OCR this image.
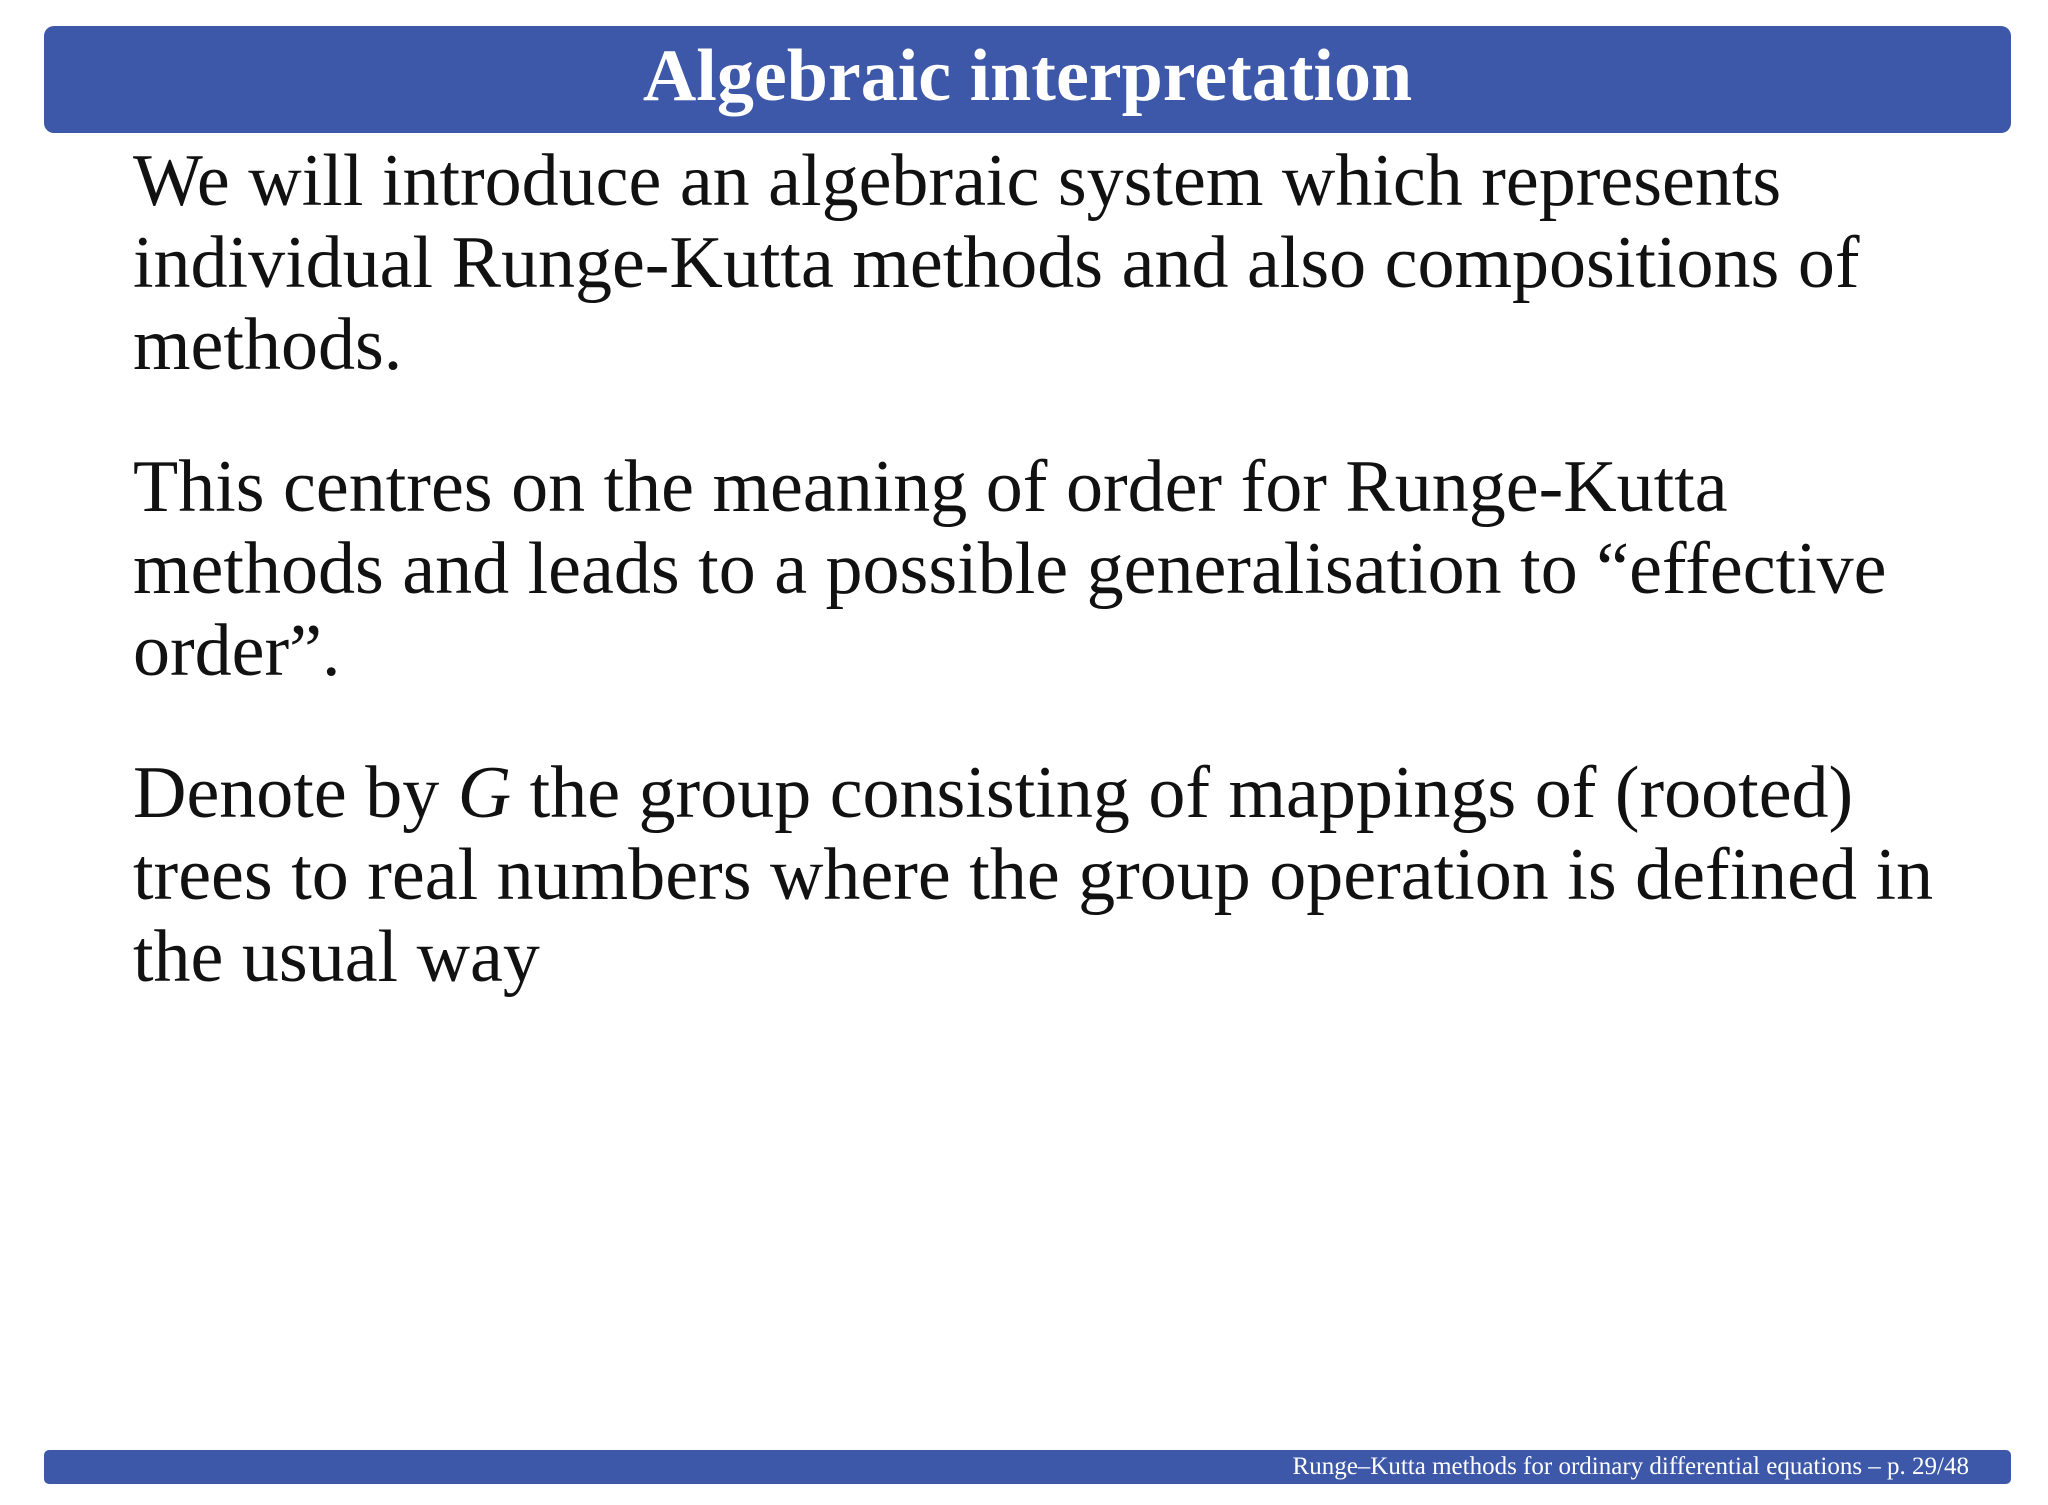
Algebraic interpretation

We will introduce an algebraic system which represents individual Runge-Kutta methods and also compositions of methods.

This centres on the meaning of order for Runge-Kutta methods and leads to a possible generalisation to “effective order”.

Denote by G the group consisting of mappings of (rooted) trees to real numbers where the group operation is defined in the usual way

Runge–Kutta methods for ordinary differential equations – p. 29/48
